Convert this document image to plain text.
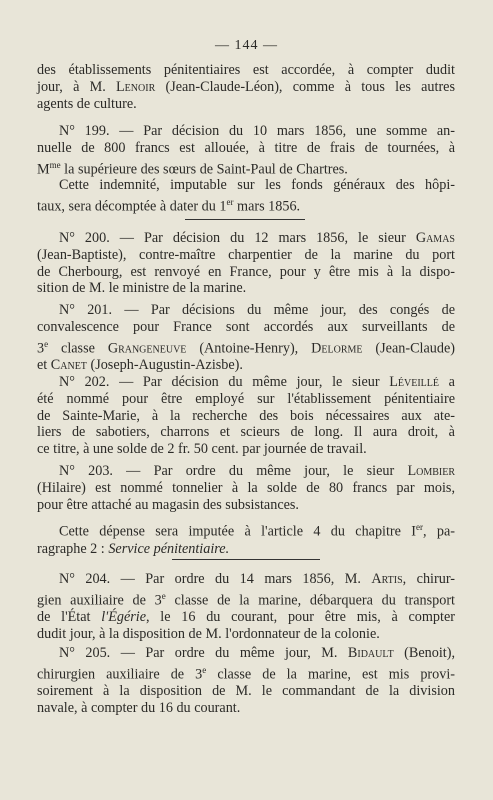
— 144 —
des établissements pénitentiaires est accordée, à compter dudit
jour, à M. Lenoir (Jean-Claude-Léon), comme à tous les autres
agents de culture.
N° 199. — Par décision du 10 mars 1856, une somme an-
nuelle de 800 francs est allouée, à titre de frais de tournées, à
$M^{me}$ la supérieure des sœurs de Saint-Paul de Chartres.
Cette indemnité, imputable sur les fonds généraux des hôpi-
taux, sera décomptée à dater du 1er mars 1856.
N° 200. — Par décision du 12 mars 1856, le sieur Gamas
(Jean-Baptiste), contre-maître charpentier de la marine du port
de Cherbourg, est renvoyé en France, pour y être mis à la dispo-
sition de M. le ministre de la marine.
N° 201. — Par décisions du même jour, des congés de
convalescence pour France sont accordés aux surveillants de
3e classe Grangeneuve (Antoine-Henry), Delorme (Jean-Claude)
et Canet (Joseph-Augustin-Azisbe).
N° 202. — Par décision du même jour, le sieur Léveillé a
été nommé pour être employé sur l'établissement pénitentiaire
de Sainte-Marie, à la recherche des bois nécessaires aux ate-
liers de sabotiers, charrons et scieurs de long. Il aura droit, à
ce titre, à une solde de 2 fr. 50 cent. par journée de travail.
N° 203. — Par ordre du même jour, le sieur Lombier
(Hilaire) est nommé tonnelier à la solde de 80 francs par mois,
pour être attaché au magasin des subsistances.
Cette dépense sera imputée à l'article 4 du chapitre Ier, pa-
ragraphe 2 : Service pénitentiaire.
N° 204. — Par ordre du 14 mars 1856, M. Artis, chirur-
gien auxiliaire de 3e classe de la marine, débarquera du transport
de l'État l'Égérie, le 16 du courant, pour être mis, à compter
dudit jour, à la disposition de M. l'ordonnateur de la colonie.
N° 205. — Par ordre du même jour, M. Bidault (Benoit),
chirurgien auxiliaire de 3e classe de la marine, est mis provi-
soirement à la disposition de M. le commandant de la division
navale, à compter du 16 du courant.
